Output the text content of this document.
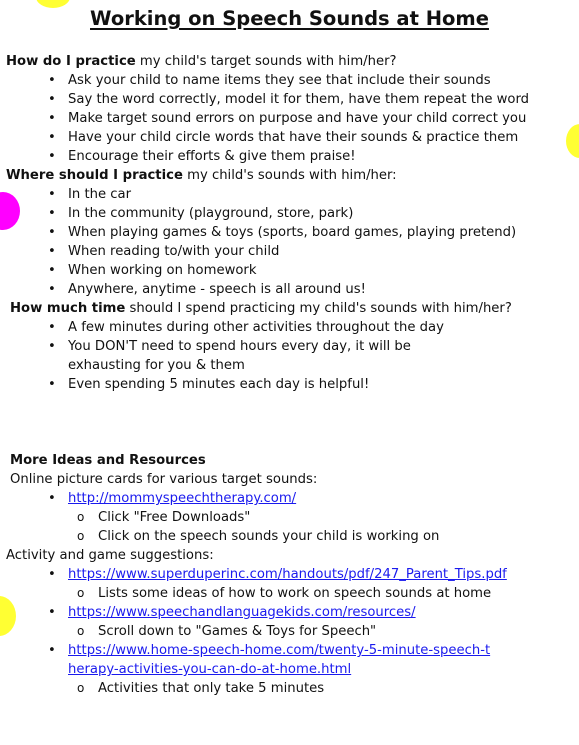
Working on Speech Sounds at Home
How do I practice my child's target sounds with him/her?
• Ask your child to name items they see that include their sounds
• Say the word correctly, model it for them, have them repeat the word
• Make target sound errors on purpose and have your child correct you
• Have your child circle words that have their sounds & practice them
• Encourage their efforts & give them praise!
Where should I practice my child's sounds with him/her:
• In the car
• In the community (playground, store, park)
• When playing games & toys (sports, board games, playing pretend)
• When reading to/with your child
• When working on homework
• Anywhere, anytime - speech is all around us!
How much time should I spend practicing my child's sounds with him/her?
• A few minutes during other activities throughout the day
• You DON'T need to spend hours every day, it will be exhausting for you & them
• Even spending 5 minutes each day is helpful!
More Ideas and Resources
Online picture cards for various target sounds:
• http://mommyspeechtherapy.com/
o Click "Free Downloads"
o Click on the speech sounds your child is working on
Activity and game suggestions:
• https://www.superduperinc.com/handouts/pdf/247_Parent_Tips.pdf
o Lists some ideas of how to work on speech sounds at home
• https://www.speechandlanguagekids.com/resources/
o Scroll down to "Games & Toys for Speech"
• https://www.home-speech-home.com/twenty-5-minute-speech-therapy-activities-you-can-do-at-home.html
o Activities that only take 5 minutes
